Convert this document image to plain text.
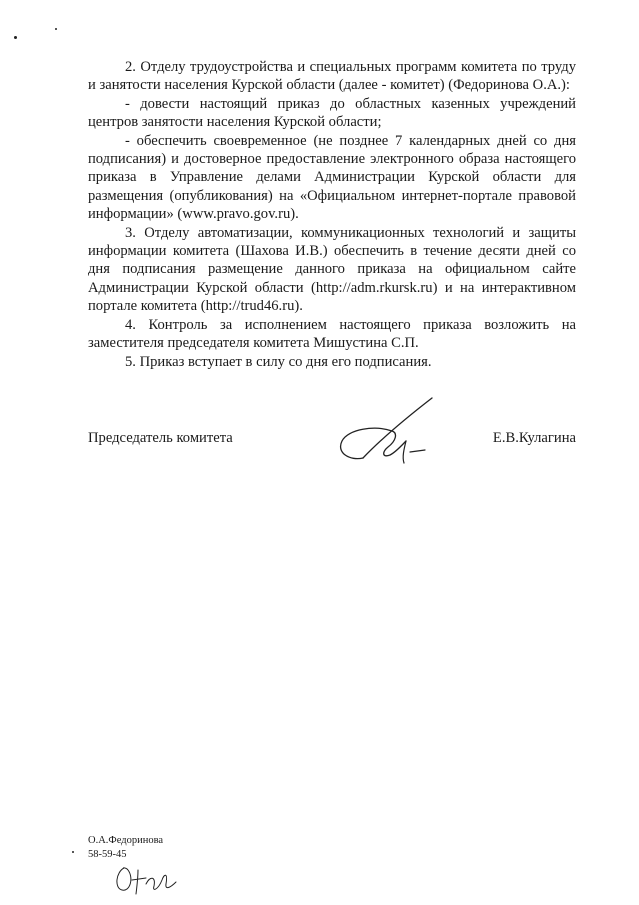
2. Отделу трудоустройства и специальных программ комитета по труду и занятости населения Курской области (далее - комитет) (Федоринова О.А.):

- довести настоящий приказ до областных казенных учреждений центров занятости населения Курской области;

- обеспечить своевременное (не позднее 7 календарных дней со дня подписания) и достоверное предоставление электронного образа настоящего приказа в Управление делами Администрации Курской области для размещения (опубликования) на «Официальном интернет-портале правовой информации» (www.pravo.gov.ru).

3. Отделу автоматизации, коммуникационных технологий и защиты информации комитета (Шахова И.В.) обеспечить в течение десяти дней со дня подписания размещение данного приказа на официальном сайте Администрации Курской области (http://adm.rkursk.ru) и на интерактивном портале комитета (http://trud46.ru).

4. Контроль за исполнением настоящего приказа возложить на заместителя председателя комитета Мишустина С.П.

5. Приказ вступает в силу со дня его подписания.

Председатель комитета	Е.В.Кулагина
О.А.Федоринова
58-59-45
